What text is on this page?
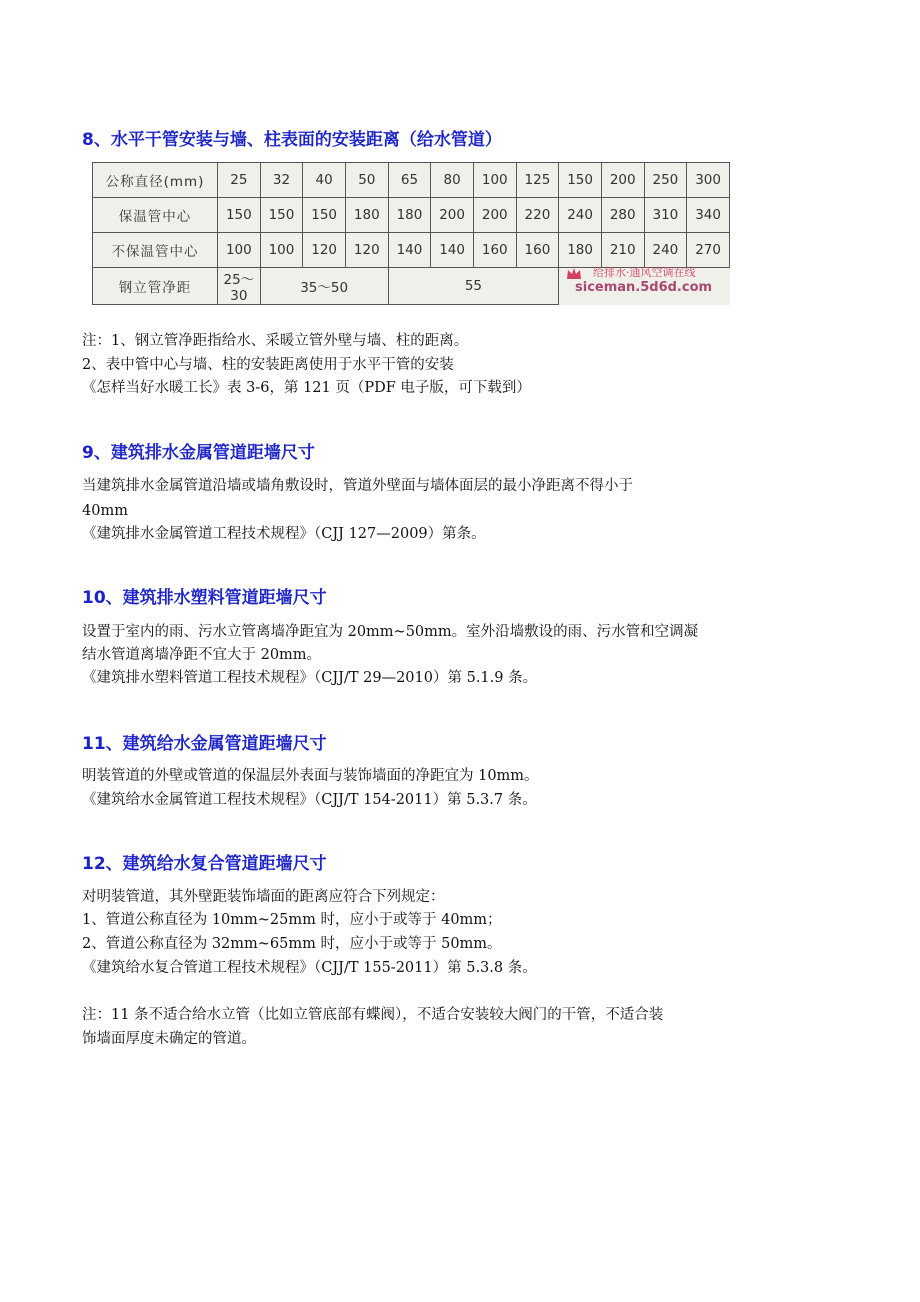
8、水平干管安装与墙、柱表面的安装距离（给水管道）
公称直径(mm)	25	32	40	50	65	80	100	125	150	200	250	300
保温管中心	150	150	150	180	180	200	200	220	240	280	310	340
不保温管中心	100	100	120	120	140	140	160	160	180	210	240	270
钢立管净距	25～30	35～50			55							
给排水·通风空调在线
siceman.5d6d.com
注：1、钢立管净距指给水、采暖立管外壁与墙、柱的距离。
2、表中管中心与墙、柱的安装距离使用于水平干管的安装
《怎样当好水暖工长》表 3-6，第 121 页（PDF 电子版，可下载到）
9、建筑排水金属管道距墙尺寸
当建筑排水金属管道沿墙或墙角敷设时，管道外壁面与墙体面层的最小净距离不得小于
40mm
《建筑排水金属管道工程技术规程》（CJJ 127—2009）第条。
10、建筑排水塑料管道距墙尺寸
设置于室内的雨、污水立管离墙净距宜为 20mm~50mm。室外沿墙敷设的雨、污水管和空调凝
结水管道离墙净距不宜大于 20mm。
《建筑排水塑料管道工程技术规程》（CJJ/T 29—2010）第 5.1.9 条。
11、建筑给水金属管道距墙尺寸
明装管道的外壁或管道的保温层外表面与装饰墙面的净距宜为 10mm。
《建筑给水金属管道工程技术规程》（CJJ/T 154-2011）第 5.3.7 条。
12、建筑给水复合管道距墙尺寸
对明装管道，其外壁距装饰墙面的距离应符合下列规定：
1、管道公称直径为 10mm~25mm 时，应小于或等于 40mm；
2、管道公称直径为 32mm~65mm 时，应小于或等于 50mm。
《建筑给水复合管道工程技术规程》（CJJ/T 155-2011）第 5.3.8 条。
注：11 条不适合给水立管（比如立管底部有蝶阀），不适合安装较大阀门的干管，不适合装
饰墙面厚度未确定的管道。
